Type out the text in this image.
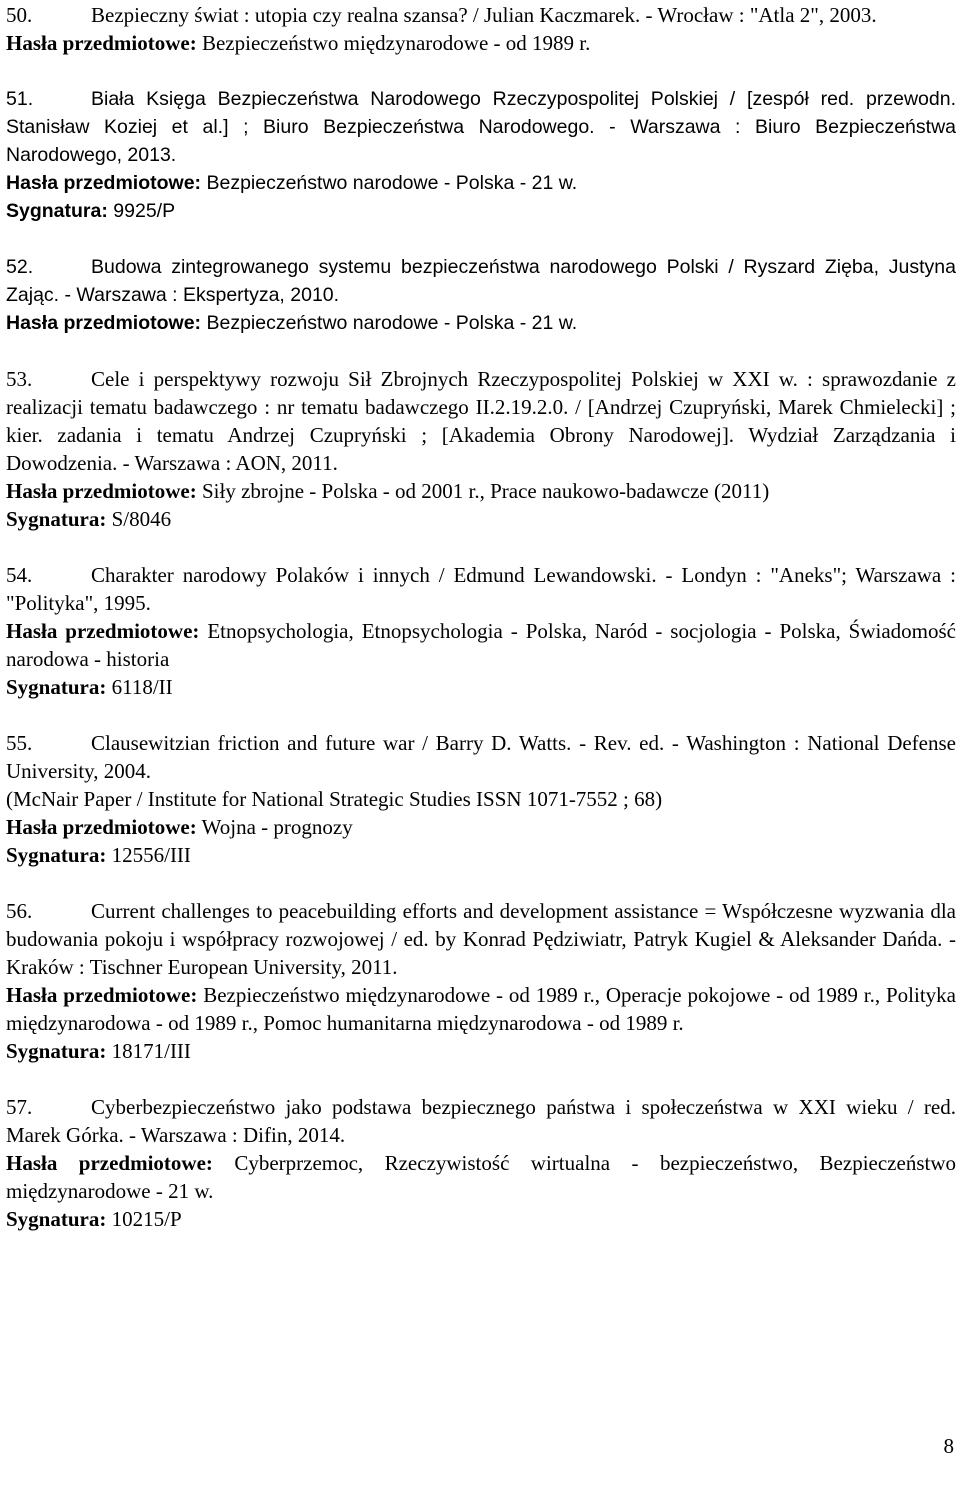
50.	Bezpieczny świat : utopia czy realna szansa? / Julian Kaczmarek. - Wrocław : "Atla 2", 2003.

Hasła przedmiotowe: Bezpieczeństwo międzynarodowe - od 1989 r.

51.	Biała Księga Bezpieczeństwa Narodowego Rzeczypospolitej Polskiej / [zespół red. przewodn. Stanisław Koziej et al.] ; Biuro Bezpieczeństwa Narodowego. - Warszawa : Biuro Bezpieczeństwa Narodowego, 2013.

Hasła przedmiotowe: Bezpieczeństwo narodowe - Polska - 21 w.

Sygnatura: 9925/P

52.	Budowa zintegrowanego systemu bezpieczeństwa narodowego Polski / Ryszard Zięba, Justyna Zając. - Warszawa : Ekspertyza, 2010.

Hasła przedmiotowe: Bezpieczeństwo narodowe - Polska - 21 w.

53.	Cele i perspektywy rozwoju Sił Zbrojnych Rzeczypospolitej Polskiej w XXI w. : sprawozdanie z realizacji tematu badawczego : nr tematu badawczego II.2.19.2.0. / [Andrzej Czupryński, Marek Chmielecki] ; kier. zadania i tematu Andrzej Czupryński ; [Akademia Obrony Narodowej]. Wydział Zarządzania i Dowodzenia. - Warszawa : AON, 2011.

Hasła przedmiotowe: Siły zbrojne - Polska - od 2001 r., Prace naukowo-badawcze (2011)

Sygnatura: S/8046

54.	Charakter narodowy Polaków i innych / Edmund Lewandowski. - Londyn : "Aneks"; Warszawa : "Polityka", 1995.

Hasła przedmiotowe: Etnopsychologia, Etnopsychologia - Polska, Naród - socjologia - Polska, Świadomość narodowa - historia

Sygnatura: 6118/II

55.	Clausewitzian friction and future war / Barry D. Watts. - Rev. ed. - Washington : National Defense University, 2004.

(McNair Paper / Institute for National Strategic Studies ISSN 1071-7552 ; 68)

Hasła przedmiotowe: Wojna - prognozy

Sygnatura: 12556/III

56.	Current challenges to peacebuilding efforts and development assistance = Współczesne wyzwania dla budowania pokoju i współpracy rozwojowej / ed. by Konrad Pędziwiatr, Patryk Kugiel & Aleksander Dańda. - Kraków : Tischner European University, 2011.

Hasła przedmiotowe: Bezpieczeństwo międzynarodowe - od 1989 r., Operacje pokojowe - od 1989 r., Polityka międzynarodowa - od 1989 r., Pomoc humanitarna międzynarodowa - od 1989 r.

Sygnatura: 18171/III

57.	Cyberbezpieczeństwo jako podstawa bezpiecznego państwa i społeczeństwa w XXI wieku / red. Marek Górka. - Warszawa : Difin, 2014.

Hasła przedmiotowe: Cyberprzemoc, Rzeczywistość wirtualna - bezpieczeństwo, Bezpieczeństwo międzynarodowe - 21 w.

Sygnatura: 10215/P

8
